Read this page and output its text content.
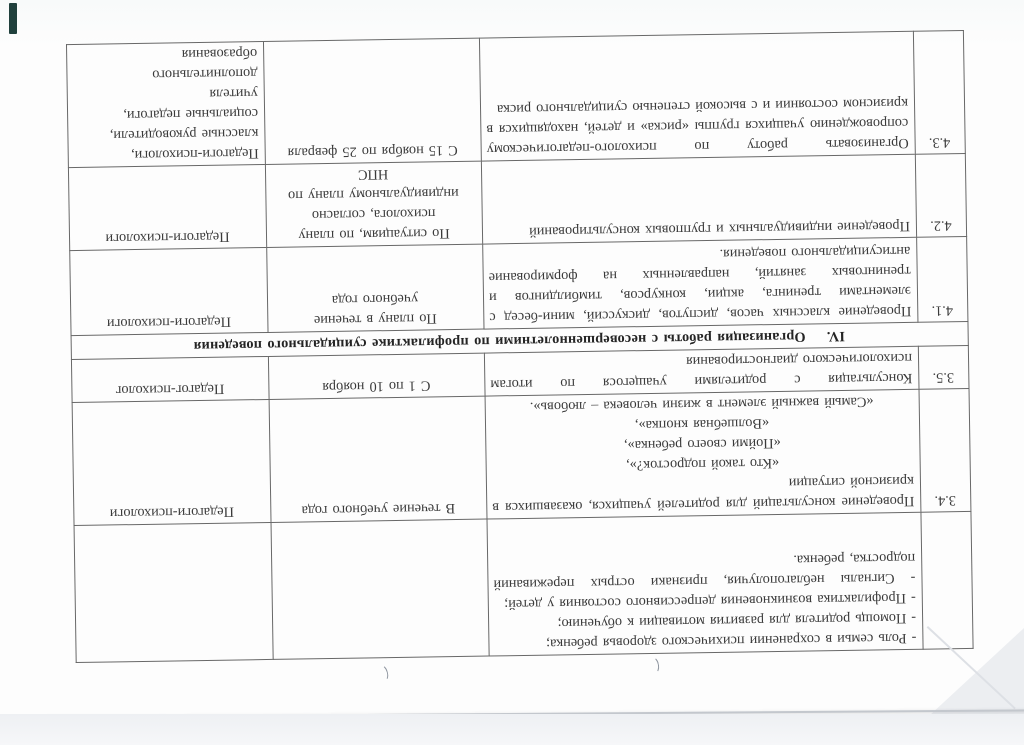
	- Роль семьи в сохранении психического здоровья ребенка;
- Помощь родителя для развития мотивации к обучению;
- Профилактика возникновения депрессивного состояния у детей;
- Сигналы неблагополучия, признаки острых переживаний подростка, ребенка.		
3.4.	Проведение консультаций для родителей учащихся, оказавшихся в кризисной ситуации
«Кто такой подросток?»,
«Пойми своего ребенка»,
«Волшебная кнопка»,
«Самый важный элемент в жизни человека – любовь».	В течение учебного года	Педагоги-психологи
3.5.	Консультация с родителями учащегося по итогам психологического диагностирования	С 1 по 10 ноября	Педагог-психолог
IV.    Организация работы с несовершеннолетними по профилактике суицидального поведения			
4.1.	Проведение классных часов, диспутов, дискуссий, мини-бесед с элементами тренинга, акции, конкурсов, тимбилдингов и тренинговых занятий, направленных на формирование антисуицидального поведения.	По плану в течение
учебного года	Педагоги-психологи
4.2.	Проведение индивидуальных и групповых консультирований	По ситуациям, по плану
психолога, согласно
индивидуальному плану по
НПС	Педагоги-психологи
4.3.	Организовать работу по психолого-педагогическому сопровождению учащихся группы «риска» и детей, находящихся в кризисном состоянии и с высокой степенью суицидального риска	С 15 ноября по 25 февраля	Педагоги-психологи,
классные руководители,
социальные педагоги,
учителя
дополнительного
образования
